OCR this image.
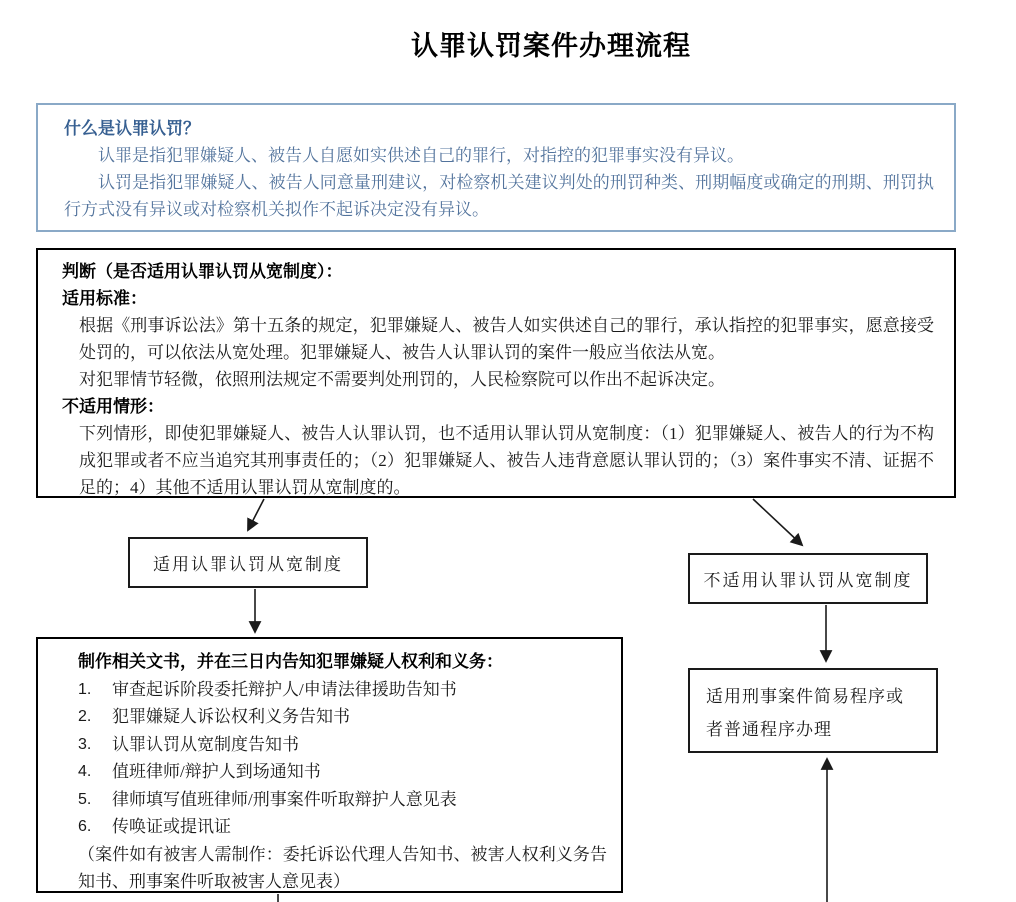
认罪认罚案件办理流程
什么是认罪认罚？

认罪是指犯罪嫌疑人、被告人自愿如实供述自己的罪行，对指控的犯罪事实没有异议。

认罚是指犯罪嫌疑人、被告人同意量刑建议，对检察机关建议判处的刑罚种类、刑期幅度或确定的刑期、刑罚执行方式没有异议或对检察机关拟作不起诉决定没有异议。

判断（是否适用认罪认罚从宽制度）：
适用标准：

根据《刑事诉讼法》第十五条的规定，犯罪嫌疑人、被告人如实供述自己的罪行，承认指控的犯罪事实，愿意接受处罚的，可以依法从宽处理。犯罪嫌疑人、被告人认罪认罚的案件一般应当依法从宽。

对犯罪情节轻微，依照刑法规定不需要判处刑罚的，人民检察院可以作出不起诉决定。

不适用情形：

下列情形，即使犯罪嫌疑人、被告人认罪认罚，也不适用认罪认罚从宽制度：（1）犯罪嫌疑人、被告人的行为不构成犯罪或者不应当追究其刑事责任的；（2）犯罪嫌疑人、被告人违背意愿认罪认罚的；（3）案件事实不清、证据不足的；4）其他不适用认罪认罚从宽制度的。

适用认罪认罚从宽制度
不适用认罪认罚从宽制度
制作相关文书，并在三日内告知犯罪嫌疑人权利和义务：
1.	审查起诉阶段委托辩护人/申请法律援助告知书
2.	犯罪嫌疑人诉讼权利义务告知书
3.	认罪认罚从宽制度告知书
4.	值班律师/辩护人到场通知书
5.	律师填写值班律师/刑事案件听取辩护人意见表
6.	传唤证或提讯证

（案件如有被害人需制作：委托诉讼代理人告知书、被害人权利义务告知书、刑事案件听取被害人意见表）

适用刑事案件简易程序或者普通程序办理
